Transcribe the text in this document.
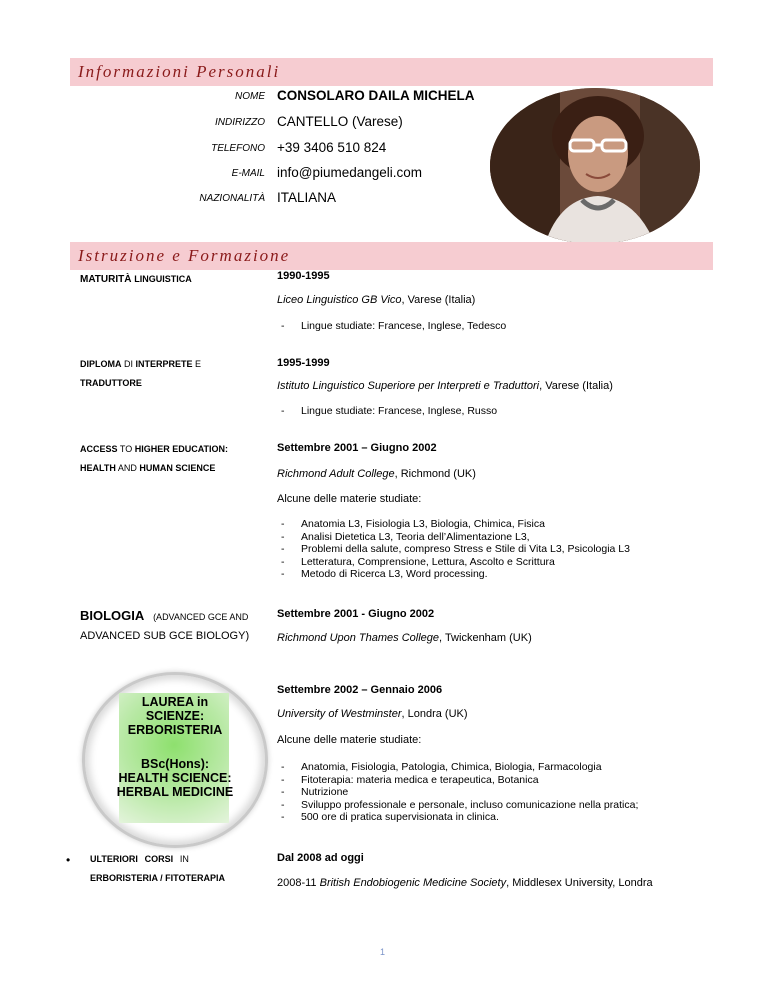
Informazioni Personali
NOME CONSOLARO DAILA MICHELA
INDIRIZZO CANTELLO (Varese)
TELEFONO +39 3406 510 824
E-MAIL info@piumedangeli.com
NAZIONALITÀ ITALIANA
Istruzione e Formazione
MATURITÀ LINGUISTICA	1990-1995
Liceo Linguistico GB Vico, Varese (Italia)
- Lingue studiate: Francese, Inglese, Tedesco
DIPLOMA DI INTERPRETE E
TRADUTTORE
1995-1999
Istituto Linguistico Superiore per Interpreti e Traduttori, Varese (Italia)
- Lingue studiate: Francese, Inglese, Russo
ACCESS TO HIGHER EDUCATION:
HEALTH AND HUMAN SCIENCE
Settembre 2001 – Giugno 2002
Richmond Adult College, Richmond (UK)
Alcune delle materie studiate:
- Anatomia L3, Fisiologia L3, Biologia, Chimica, Fisica
- Analisi Dietetica L3, Teoria dell’Alimentazione L3,
- Problemi della salute, compreso Stress e Stile di Vita L3, Psicologia L3
- Letteratura, Comprensione, Lettura, Ascolto e Scrittura
- Metodo di Ricerca L3, Word processing.
BIOLOGIA (ADVANCED GCE AND
ADVANCED SUB GCE BIOLOGY)
Settembre 2001 - Giugno 2002
Richmond Upon Thames College, Twickenham (UK)
LAUREA in
SCIENZE:
ERBORISTERIA
BSc(Hons):
HEALTH SCIENCE:
HERBAL MEDICINE
Settembre 2002 – Gennaio 2006
University of Westminster, Londra (UK)
Alcune delle materie studiate:
- Anatomia, Fisiologia, Patologia, Chimica, Biologia, Farmacologia
- Fitoterapia: materia medica e terapeutica, Botanica
- Nutrizione
- Sviluppo professionale e personale, incluso comunicazione nella pratica;
- 500 ore di pratica supervisionata in clinica.
• ULTERIORI CORSI IN
ERBORISTERIA / FITOTERAPIA
Dal 2008 ad oggi
2008-11 British Endobiogenic Medicine Society, Middlesex University, Londra
1
